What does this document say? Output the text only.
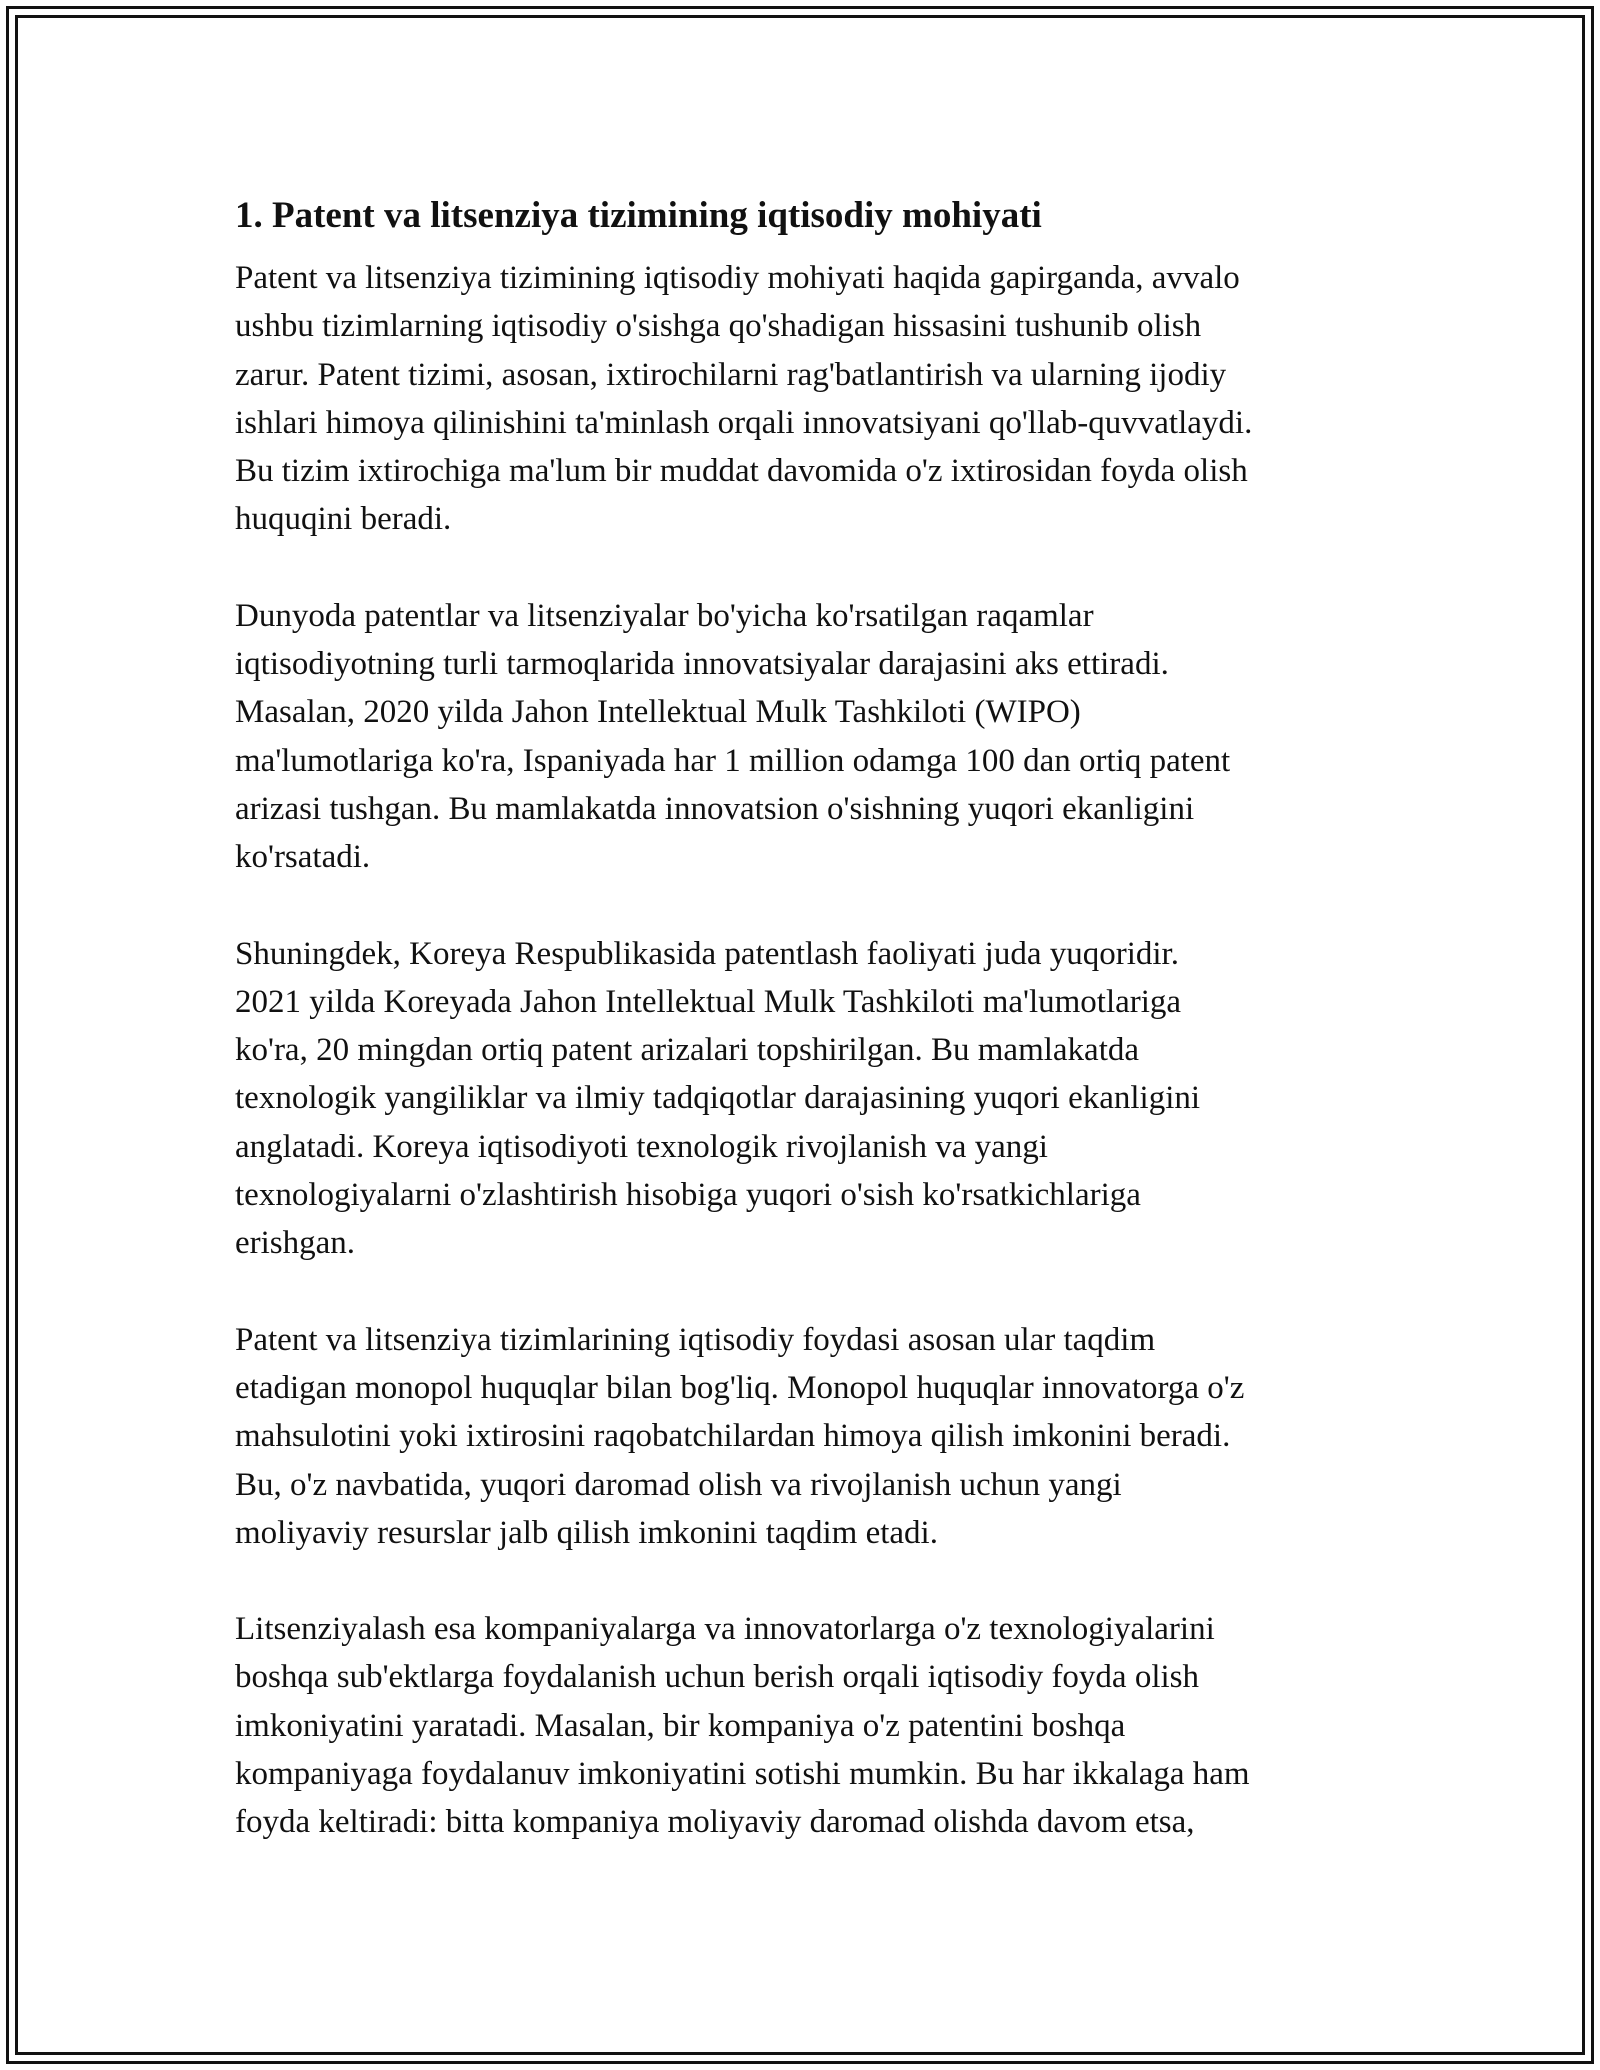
1. Patent va litsenziya tizimining iqtisodiy mohiyati
Patent va litsenziya tizimining iqtisodiy mohiyati haqida gapirganda, avvalo
ushbu tizimlarning iqtisodiy o'sishga qo'shadigan hissasini tushunib olish
zarur. Patent tizimi, asosan, ixtirochilarni rag'batlantirish va ularning ijodiy
ishlari himoya qilinishini ta'minlash orqali innovatsiyani qo'llab-quvvatlaydi.
Bu tizim ixtirochiga ma'lum bir muddat davomida o'z ixtirosidan foyda olish
huquqini beradi.
Dunyoda patentlar va litsenziyalar bo'yicha ko'rsatilgan raqamlar
iqtisodiyotning turli tarmoqlarida innovatsiyalar darajasini aks ettiradi.
Masalan, 2020 yilda Jahon Intellektual Mulk Tashkiloti (WIPO)
ma'lumotlariga ko'ra, Ispaniyada har 1 million odamga 100 dan ortiq patent
arizasi tushgan. Bu mamlakatda innovatsion o'sishning yuqori ekanligini
ko'rsatadi.
Shuningdek, Koreya Respublikasida patentlash faoliyati juda yuqoridir.
2021 yilda Koreyada Jahon Intellektual Mulk Tashkiloti ma'lumotlariga
ko'ra, 20 mingdan ortiq patent arizalari topshirilgan. Bu mamlakatda
texnologik yangiliklar va ilmiy tadqiqotlar darajasining yuqori ekanligini
anglatadi. Koreya iqtisodiyoti texnologik rivojlanish va yangi
texnologiyalarni o'zlashtirish hisobiga yuqori o'sish ko'rsatkichlariga
erishgan.
Patent va litsenziya tizimlarining iqtisodiy foydasi asosan ular taqdim
etadigan monopol huquqlar bilan bog'liq. Monopol huquqlar innovatorga o'z
mahsulotini yoki ixtirosini raqobatchilardan himoya qilish imkonini beradi.
Bu, o'z navbatida, yuqori daromad olish va rivojlanish uchun yangi
moliyaviy resurslar jalb qilish imkonini taqdim etadi.
Litsenziyalash esa kompaniyalarga va innovatorlarga o'z texnologiyalarini
boshqa sub'ektlarga foydalanish uchun berish orqali iqtisodiy foyda olish
imkoniyatini yaratadi. Masalan, bir kompaniya o'z patentini boshqa
kompaniyaga foydalanuv imkoniyatini sotishi mumkin. Bu har ikkalaga ham
foyda keltiradi: bitta kompaniya moliyaviy daromad olishda davom etsa,
